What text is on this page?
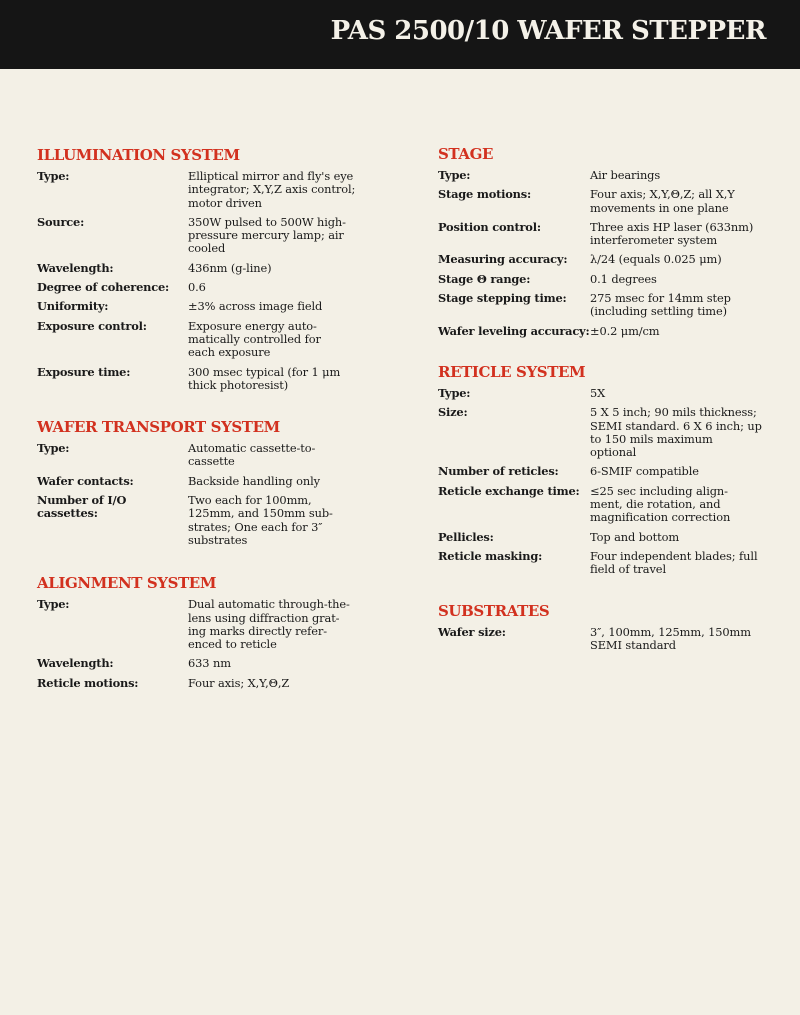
PAS 2500/10 WAFER STEPPER
ILLUMINATION SYSTEM
Type:	Elliptical mirror and fly's eye
integrator; X,Y,Z axis control;
motor driven
Source:	350W pulsed to 500W high-
pressure mercury lamp; air
cooled
Wavelength:	436nm (g-line)
Degree of coherence:	0.6
Uniformity:	±3% across image field
Exposure control:	Exposure energy auto-
matically controlled for
each exposure
Exposure time:	300 msec typical (for 1 μm
thick photoresist)
WAFER TRANSPORT SYSTEM
Type:	Automatic cassette-to-
cassette
Wafer contacts:	Backside handling only
Number of I/O cassettes:
Two each for 100mm,
125mm, and 150mm sub-
strates; One each for 3″
substrates
ALIGNMENT SYSTEM
Type:	Dual automatic through-the-
lens using diffraction grat-
ing marks directly refer-
enced to reticle
Wavelength:	633 nm
Reticle motions:	Four axis; X,Y,Θ,Z
STAGE
Type:	Air bearings
Stage motions:	Four axis; X,Y,Θ,Z; all X,Y
movements in one plane
Position control:	Three axis HP laser (633nm)
interferometer system
Measuring accuracy:	λ/24 (equals 0.025 μm)
Stage Θ range:	0.1 degrees
Stage stepping time:	275 msec for 14mm step
(including settling time)
Wafer leveling accuracy: ±0.2 μm/cm
RETICLE SYSTEM
Type:	5X
Size:	5 X 5 inch; 90 mils thickness;
SEMI standard. 6 X 6 inch; up
to 150 mils maximum
optional
Number of reticles:	6-SMIF compatible
Reticle exchange time: ≤25 sec including align-
ment, die rotation, and
magnification correction
Pellicles:	Top and bottom
Reticle masking:	Four independent blades; full
field of travel
SUBSTRATES
Wafer size:	3″, 100mm, 125mm, 150mm
SEMI standard
